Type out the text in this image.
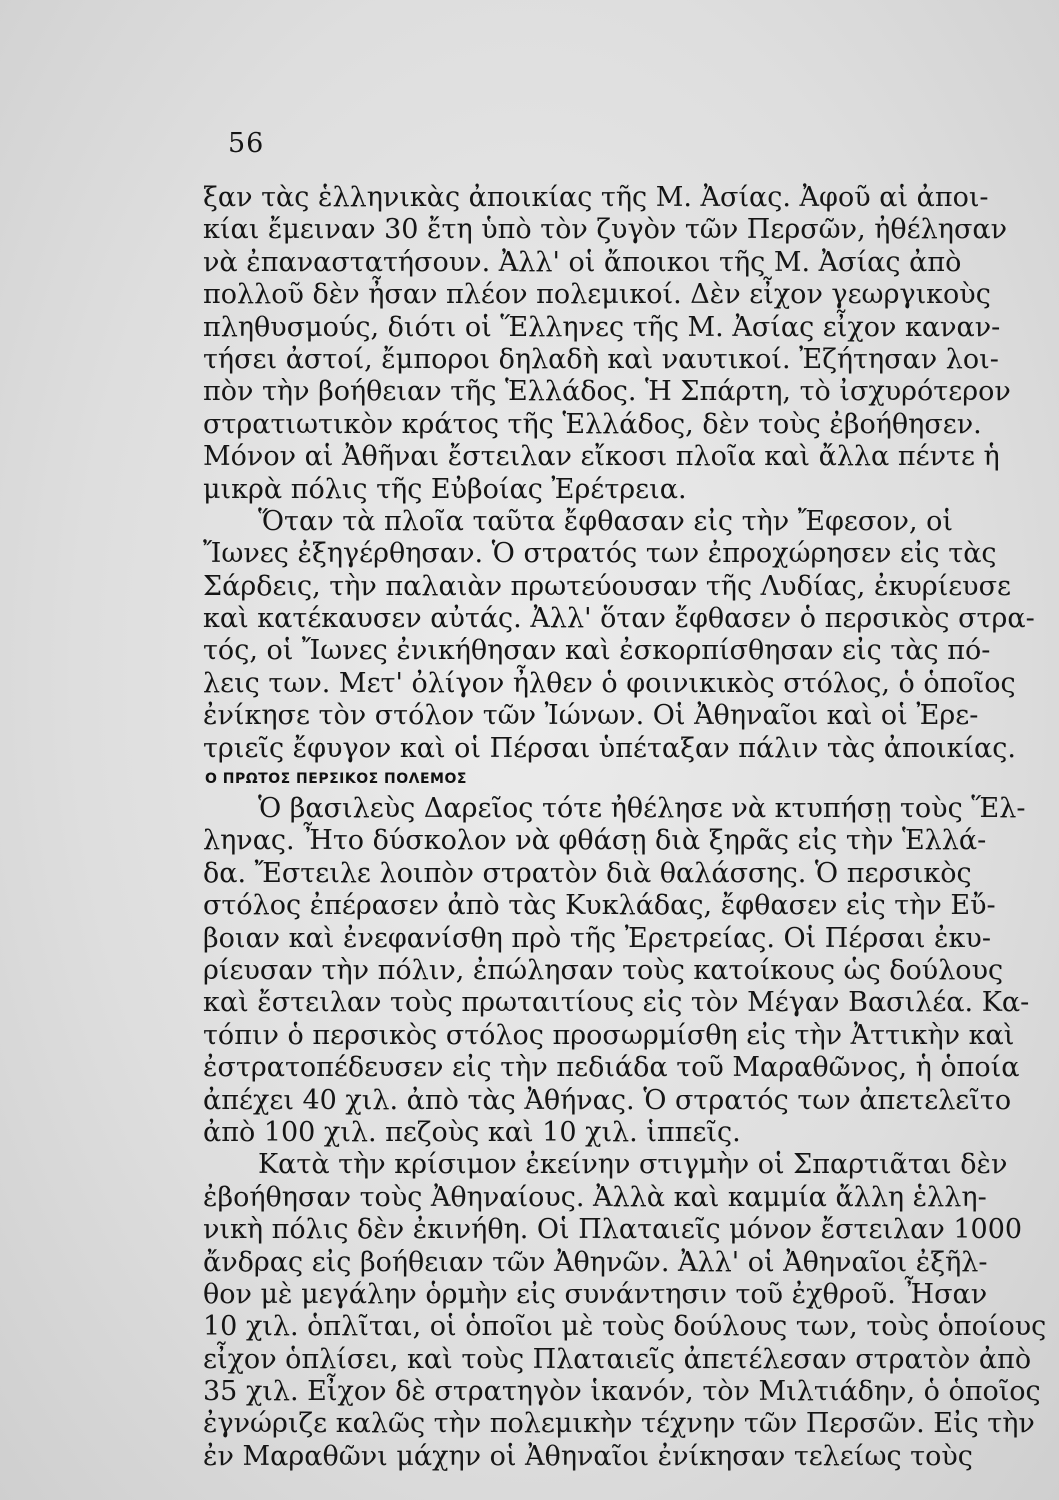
56
ξαν τὰς ἑλληνικὰς ἀποικίας τῆς Μ. Ἀσίας. Ἀφοῦ αἱ ἀποι-
κίαι ἔμειναν 30 ἔτη ὑπὸ τὸν ζυγὸν τῶν Περσῶν, ἠθέλησαν
νὰ ἐπαναστατήσουν. Ἀλλ' οἱ ἄποικοι τῆς Μ. Ἀσίας ἀπὸ
πολλοῦ δὲν ἦσαν πλέον πολεμικοί. Δὲν εἶχον γεωργικοὺς
πληθυσμούς, διότι οἱ Ἕλληνες τῆς Μ. Ἀσίας εἶχον καναν-
τήσει ἀστοί, ἔμποροι δηλαδὴ καὶ ναυτικοί. Ἐζήτησαν λοι-
πὸν τὴν βοήθειαν τῆς Ἑλλάδος. Ἡ Σπάρτη, τὸ ἰσχυρότερον
στρατιωτικὸν κράτος τῆς Ἑλλάδος, δὲν τοὺς ἐβοήθησεν.
Μόνον αἱ Ἀθῆναι ἔστειλαν εἴκοσι πλοῖα καὶ ἄλλα πέντε ἡ
μικρὰ πόλις τῆς Εὐβοίας Ἐρέτρεια.
Ὅταν τὰ πλοῖα ταῦτα ἔφθασαν εἰς τὴν Ἔφεσον, οἱ
Ἴωνες ἐξηγέρθησαν. Ὁ στρατός των ἐπροχώρησεν εἰς τὰς
Σάρδεις, τὴν παλαιὰν πρωτεύουσαν τῆς Λυδίας, ἐκυρίευσε
καὶ κατέκαυσεν αὐτάς. Ἀλλ' ὅταν ἔφθασεν ὁ περσικὸς στρα-
τός, οἱ Ἴωνες ἐνικήθησαν καὶ ἐσκορπίσθησαν εἰς τὰς πό-
λεις των. Μετ' ὀλίγον ἦλθεν ὁ φοινικικὸς στόλος, ὁ ὁποῖος
ἐνίκησε τὸν στόλον τῶν Ἰώνων. Οἱ Ἀθηναῖοι καὶ οἱ Ἐρε-
τριεῖς ἔφυγον καὶ οἱ Πέρσαι ὑπέταξαν πάλιν τὰς ἀποικίας.
Ο ΠΡΩΤΟΣ ΠΕΡΣΙΚΟΣ ΠΟΛΕΜΟΣ
Ὁ βασιλεὺς Δαρεῖος τότε ἠθέλησε νὰ κτυπήσῃ τοὺς Ἕλ-
ληνας. Ἦτο δύσκολον νὰ φθάσῃ διὰ ξηρᾶς εἰς τὴν Ἑλλά-
δα. Ἔστειλε λοιπὸν στρατὸν διὰ θαλάσσης. Ὁ περσικὸς
στόλος ἐπέρασεν ἀπὸ τὰς Κυκλάδας, ἔφθασεν εἰς τὴν Εὔ-
βοιαν καὶ ἐνεφανίσθη πρὸ τῆς Ἐρετρείας. Οἱ Πέρσαι ἐκυ-
ρίευσαν τὴν πόλιν, ἐπώλησαν τοὺς κατοίκους ὡς δούλους
καὶ ἔστειλαν τοὺς πρωταιτίους εἰς τὸν Μέγαν Βασιλέα. Κα-
τόπιν ὁ περσικὸς στόλος προσωρμίσθη εἰς τὴν Ἀττικὴν καὶ
ἐστρατοπέδευσεν εἰς τὴν πεδιάδα τοῦ Μαραθῶνος, ἡ ὁποία
ἀπέχει 40 χιλ. ἀπὸ τὰς Ἀθήνας. Ὁ στρατός των ἀπετελεῖτο
ἀπὸ 100 χιλ. πεζοὺς καὶ 10 χιλ. ἱππεῖς.
Κατὰ τὴν κρίσιμον ἐκείνην στιγμὴν οἱ Σπαρτιᾶται δὲν
ἐβοήθησαν τοὺς Ἀθηναίους. Ἀλλὰ καὶ καμμία ἄλλη ἑλλη-
νικὴ πόλις δὲν ἐκινήθη. Οἱ Πλαταιεῖς μόνον ἔστειλαν 1000
ἄνδρας εἰς βοήθειαν τῶν Ἀθηνῶν. Ἀλλ' οἱ Ἀθηναῖοι ἐξῆλ-
θον μὲ μεγάλην ὁρμὴν εἰς συνάντησιν τοῦ ἐχθροῦ. Ἦσαν
10 χιλ. ὁπλῖται, οἱ ὁποῖοι μὲ τοὺς δούλους των, τοὺς ὁποίους
εἶχον ὁπλίσει, καὶ τοὺς Πλαταιεῖς ἀπετέλεσαν στρατὸν ἀπὸ
35 χιλ. Εἶχον δὲ στρατηγὸν ἱκανόν, τὸν Μιλτιάδην, ὁ ὁποῖος
ἐγνώριζε καλῶς τὴν πολεμικὴν τέχνην τῶν Περσῶν. Εἰς τὴν
ἐν Μαραθῶνι μάχην οἱ Ἀθηναῖοι ἐνίκησαν τελείως τοὺς
